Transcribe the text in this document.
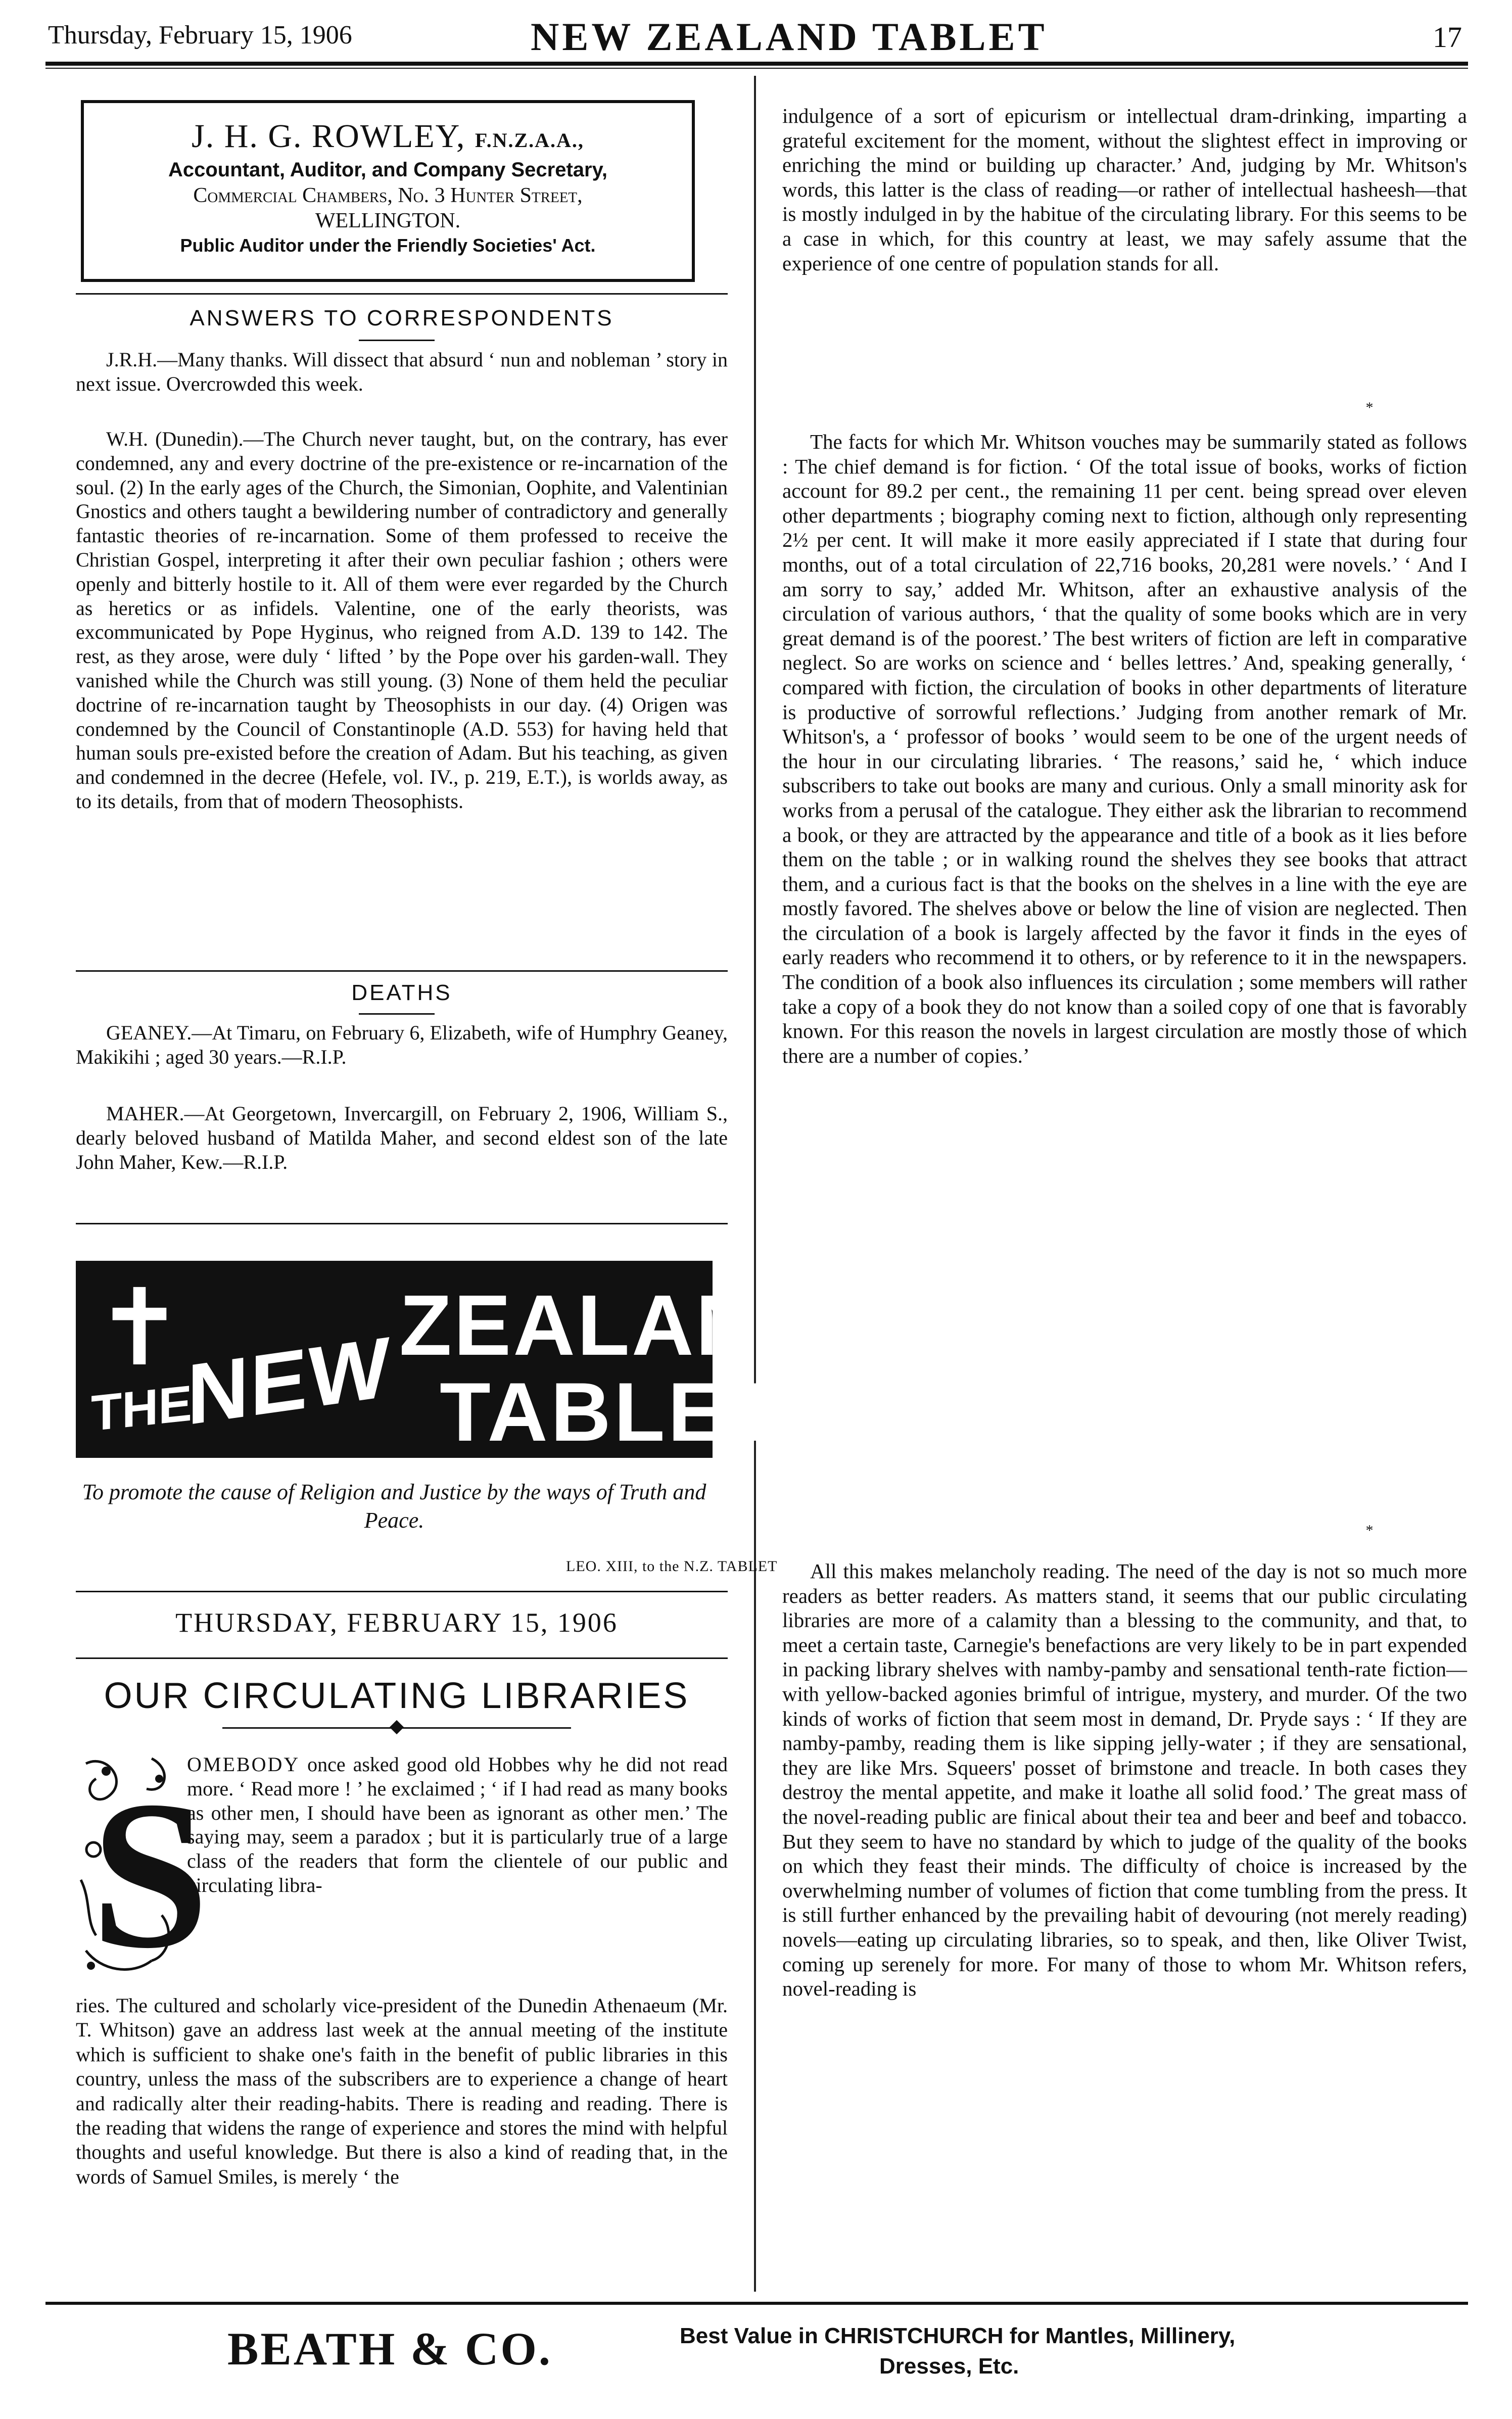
Thursday, February 15, 1906	NEW ZEALAND TABLET	17
J. H. G. ROWLEY, F.N.Z.A.A.,
Accountant, Auditor, and Company Secretary,
Commercial Chambers, No. 3 Hunter Street,
WELLINGTON.
Public Auditor under the Friendly Societies' Act.
ANSWERS TO CORRESPONDENTS

J.R.H.—Many thanks. Will dissect that absurd ‘ nun and nobleman ’ story in next issue. Overcrowded this week.

W.H. (Dunedin).—The Church never taught, but, on the contrary, has ever condemned, any and every doctrine of the pre-existence or re-incarnation of the soul. (2) In the early ages of the Church, the Simonian, Oophite, and Valentinian Gnostics and others taught a bewildering number of contradictory and generally fantastic theories of re-incarnation. Some of them professed to receive the Christian Gospel, interpreting it after their own peculiar fashion ; others were openly and bitterly hostile to it. All of them were ever regarded by the Church as heretics or as infidels. Valentine, one of the early theorists, was excommunicated by Pope Hyginus, who reigned from A.D. 139 to 142. The rest, as they arose, were duly ‘ lifted ’ by the Pope over his garden-wall. They vanished while the Church was still young. (3) None of them held the peculiar doctrine of re-incarnation taught by Theosophists in our day. (4) Origen was condemned by the Council of Constantinople (A.D. 553) for having held that human souls pre-existed before the creation of Adam. But his teaching, as given and condemned in the decree (Hefele, vol. IV., p. 219, E.T.), is worlds away, as to its details, from that of modern Theosophists.

DEATHS

GEANEY.—At Timaru, on February 6, Elizabeth, wife of Humphry Geaney, Makikihi ; aged 30 years.—R.I.P.

MAHER.—At Georgetown, Invercargill, on February 2, 1906, William S., dearly beloved husband of Matilda Maher, and second eldest son of the late John Maher, Kew.—R.I.P.

✝
THE
NEW ZEALAND
TABLET
To promote the cause of Religion and Justice by the ways of Truth and Peace.
LEO. XIII, to the N.Z. TABLET
THURSDAY, FEBRUARY 15, 1906
OUR CIRCULATING LIBRARIES
S

OMEBODY once asked good old Hobbes why he did not read more. ‘ Read more ! ’ he exclaimed ; ‘ if I had read as many books as other men, I should have been as ignorant as other men.’ The saying may, seem a paradox ; but it is particularly true of a large class of the readers that form the clientele of our public and circulating libra-

ries. The cultured and scholarly vice-president of the Dunedin Athenaeum (Mr. T. Whitson) gave an address last week at the annual meeting of the institute which is sufficient to shake one's faith in the benefit of public libraries in this country, unless the mass of the subscribers are to experience a change of heart and radically alter their reading-habits. There is reading and reading. There is the reading that widens the range of experience and stores the mind with helpful thoughts and useful knowledge. But there is also a kind of reading that, in the words of Samuel Smiles, is merely ‘ the

indulgence of a sort of epicurism or intellectual dram-drinking, imparting a grateful excitement for the moment, without the slightest effect in improving or enriching the mind or building up character.’ And, judging by Mr. Whitson's words, this latter is the class of reading—or rather of intellectual hasheesh—that is mostly indulged in by the habitue of the circulating library. For this seems to be a case in which, for this country at least, we may safely assume that the experience of one centre of population stands for all.

*

The facts for which Mr. Whitson vouches may be summarily stated as follows : The chief demand is for fiction. ‘ Of the total issue of books, works of fiction account for 89.2 per cent., the remaining 11 per cent. being spread over eleven other departments ; biography coming next to fiction, although only representing 2½ per cent. It will make it more easily appreciated if I state that during four months, out of a total circulation of 22,716 books, 20,281 were novels.’ ‘ And I am sorry to say,’ added Mr. Whitson, after an exhaustive analysis of the circulation of various authors, ‘ that the quality of some books which are in very great demand is of the poorest.’ The best writers of fiction are left in comparative neglect. So are works on science and ‘ belles lettres.’ And, speaking generally, ‘ compared with fiction, the circulation of books in other departments of literature is productive of sorrowful reflections.’ Judging from another remark of Mr. Whitson's, a ‘ professor of books ’ would seem to be one of the urgent needs of the hour in our circulating libraries. ‘ The reasons,’ said he, ‘ which induce subscribers to take out books are many and curious. Only a small minority ask for works from a perusal of the catalogue. They either ask the librarian to recommend a book, or they are attracted by the appearance and title of a book as it lies before them on the table ; or in walking round the shelves they see books that attract them, and a curious fact is that the books on the shelves in a line with the eye are mostly favored. The shelves above or below the line of vision are neglected. Then the circulation of a book is largely affected by the favor it finds in the eyes of early readers who recommend it to others, or by reference to it in the newspapers. The condition of a book also influences its circulation ; some members will rather take a copy of a book they do not know than a soiled copy of one that is favorably known. For this reason the novels in largest circulation are mostly those of which there are a number of copies.’

*

All this makes melancholy reading. The need of the day is not so much more readers as better readers. As matters stand, it seems that our public circulating libraries are more of a calamity than a blessing to the community, and that, to meet a certain taste, Carnegie's benefactions are very likely to be in part expended in packing library shelves with namby-pamby and sensational tenth-rate fiction—with yellow-backed agonies brimful of intrigue, mystery, and murder. Of the two kinds of works of fiction that seem most in demand, Dr. Pryde says : ‘ If they are namby-pamby, reading them is like sipping jelly-water ; if they are sensational, they are like Mrs. Squeers' posset of brimstone and treacle. In both cases they destroy the mental appetite, and make it loathe all solid food.’ The great mass of the novel-reading public are finical about their tea and beer and beef and tobacco. But they seem to have no standard by which to judge of the quality of the books on which they feast their minds. The difficulty of choice is increased by the overwhelming number of volumes of fiction that come tumbling from the press. It is still further enhanced by the prevailing habit of devouring (not merely reading) novels—eating up circulating libraries, so to speak, and then, like Oliver Twist, coming up serenely for more. For many of those to whom Mr. Whitson refers, novel-reading is

BEATH & CO.	Best Value in CHRISTCHURCH for Mantles, Millinery,
Dresses, Etc.
